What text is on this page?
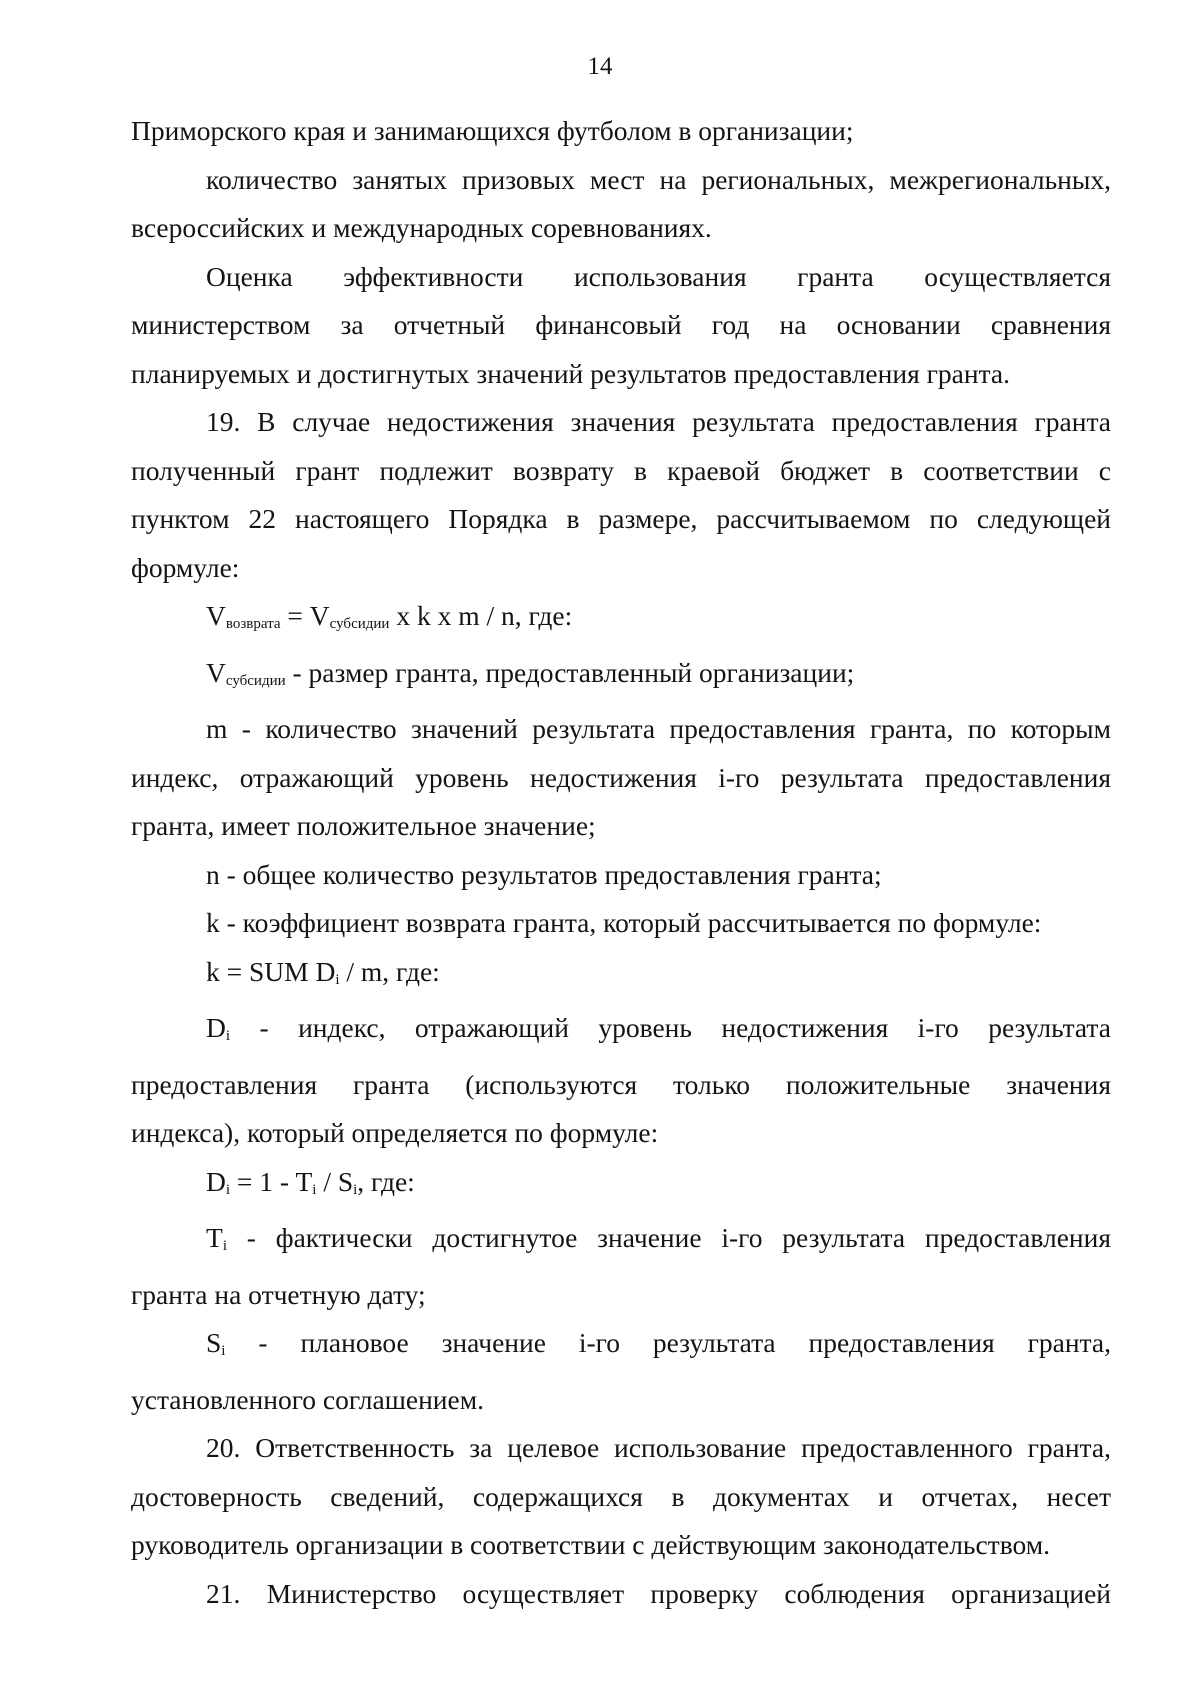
14

Приморского края и занимающихся футболом в организации;

количество занятых призовых мест на региональных, межрегиональных,

всероссийских и международных соревнованиях.

Оценка эффективности использования гранта осуществляется

министерством за отчетный финансовый год на основании сравнения

планируемых и достигнутых значений результатов предоставления гранта.

19. В случае недостижения значения результата предоставления гранта

полученный грант подлежит возврату в краевой бюджет в соответствии с

пунктом 22 настоящего Порядка в размере, рассчитываемом по следующей

формуле:

$V_{возврата} = V_{субсидии}$ x k x m / n, где:

$V_{субсидии}$ - размер гранта, предоставленный организации;

m - количество значений результата предоставления гранта, по которым

индекс, отражающий уровень недостижения i-го результата предоставления

гранта, имеет положительное значение;

n - общее количество результатов предоставления гранта;

k - коэффициент возврата гранта, который рассчитывается по формуле:

k = SUM Di / m, где:

Di - индекс, отражающий уровень недостижения i-го результата

предоставления гранта (используются только положительные значения

индекса), который определяется по формуле:

Di = 1 - Ti / Si, где:

Ti - фактически достигнутое значение i-го результата предоставления

гранта на отчетную дату;

Si - плановое значение i-го результата предоставления гранта,

установленного соглашением.

20. Ответственность за целевое использование предоставленного гранта,

достоверность сведений, содержащихся в документах и отчетах, несет

руководитель организации в соответствии с действующим законодательством.

21. Министерство осуществляет проверку соблюдения организацией
